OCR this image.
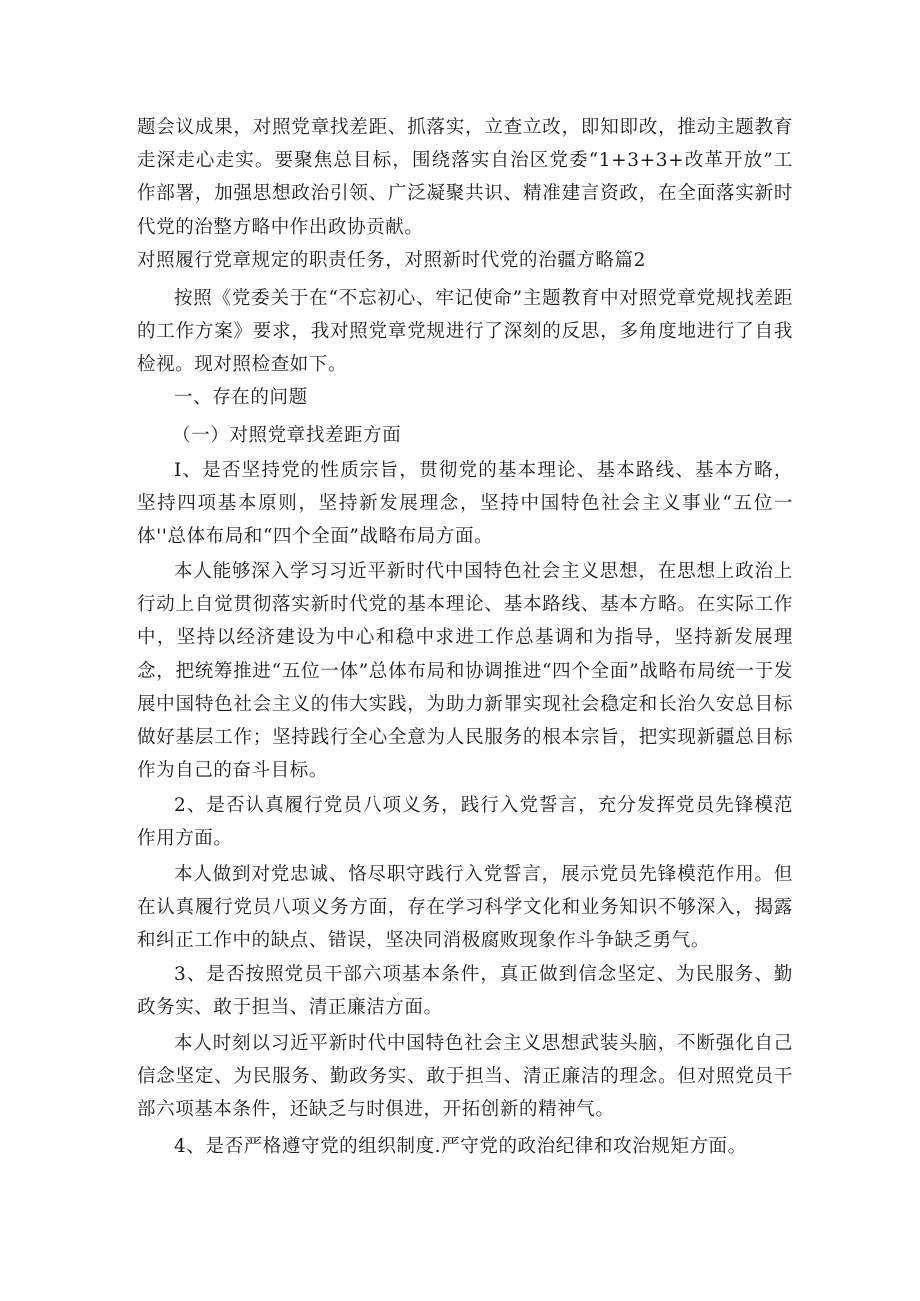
题会议成果，对照党章找差距、抓落实，立查立改，即知即改，推动主题教育走深走心走实。要聚焦总目标，围绕落实自治区党委“1+3+3+改革开放”工作部署，加强思想政治引领、广泛凝聚共识、精准建言资政，在全面落实新时代党的治整方略中作出政协贡献。

对照履行党章规定的职责任务，对照新时代党的治疆方略篇2

按照《党委关于在“不忘初心、牢记使命”主题教育中对照党章党规找差距的工作方案》要求，我对照党章党规进行了深刻的反思，多角度地进行了自我检视。现对照检查如下。

一、存在的问题

（一）对照党章找差距方面

I、是否坚持党的性质宗旨，贯彻党的基本理论、基本路线、基本方略，坚持四项基本原则，坚持新发展理念，坚持中国特色社会主义事业“五位一体''总体布局和“四个全面”战略布局方面。

本人能够深入学习习近平新时代中国特色社会主义思想，在思想上政治上行动上自觉贯彻落实新时代党的基本理论、基本路线、基本方略。在实际工作中，坚持以经济建设为中心和稳中求进工作总基调和为指导，坚持新发展理念，把统筹推进“五位一体”总体布局和协调推进“四个全面”战略布局统一于发展中国特色社会主义的伟大实践，为助力新罪实现社会稳定和长治久安总目标做好基层工作；坚持践行全心全意为人民服务的根本宗旨，把实现新疆总目标作为自己的奋斗目标。

2、是否认真履行党员八项义务，践行入党誓言，充分发挥党员先锋模范作用方面。

本人做到对党忠诚、恪尽职守践行入党誓言，展示党员先锋模范作用。但在认真履行党员八项义务方面，存在学习科学文化和业务知识不够深入，揭露和纠正工作中的缺点、错误，坚决同消极腐败现象作斗争缺乏勇气。

3、是否按照党员干部六项基本条件，真正做到信念坚定、为民服务、勤政务实、敢于担当、清正廉洁方面。

本人时刻以习近平新时代中国特色社会主义思想武装头脑，不断强化自己信念坚定、为民服务、勤政务实、敢于担当、清正廉洁的理念。但对照党员干部六项基本条件，还缺乏与时俱进，开拓创新的精神气。

4、是否严格遵守党的组织制度.严守党的政治纪律和攻治规矩方面。
